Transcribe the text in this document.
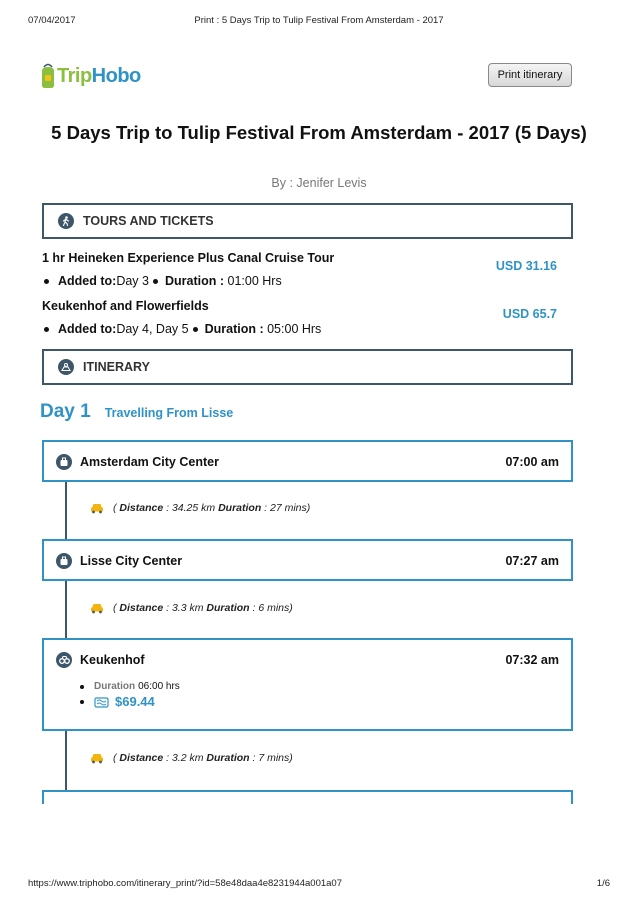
07/04/2017	Print : 5 Days Trip to Tulip Festival From Amsterdam - 2017
TripHobo	Print itinerary
5 Days Trip to Tulip Festival From Amsterdam - 2017 (5 Days)
By : Jenifer Levis
TOURS AND TICKETS
1 hr Heineken Experience Plus Canal Cruise Tour
Added to: Day 3 Duration :
01:00 Hrs
USD 31.16
Keukenhof and Flowerfields
Added to: Day 4, Day 5 Duration :
05:00 Hrs
USD 65.7
ITINERARY
Day 1 Travelling From Lisse
Amsterdam City Center	07:00 am
(
Distance
: 34.25 km
Duration
: 27 mins)
Lisse City Center	07:27 am
(
Distance
: 3.3 km
Duration
: 6 mins)
Keukenhof	07:32 am
Duration 06:00 hrs
$69.44
(
Distance
: 3.2 km
Duration
: 7 mins)
https://www.triphobo.com/itinerary_print/?id=58e48daa4e8231944a001a07	1/6
